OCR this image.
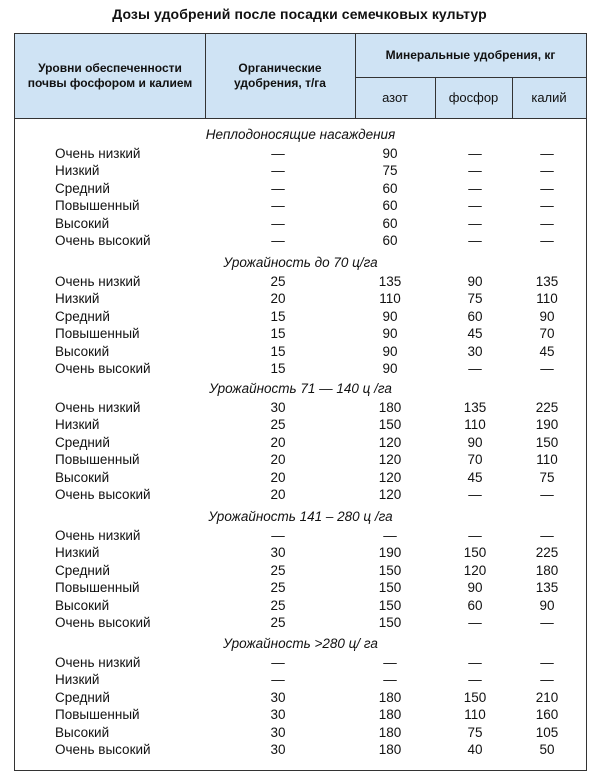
Дозы удобрений после посадки семечковых культур
Уровни обеспеченности почвы фосфором и калием
Органические удобрения, т/га
Минеральные удобрения, кг
азот	фосфор	калий
Неплодоносящие насаждения
Очень низкий	—	90	—	—
Низкий	—	75	—	—
Средний	—	60	—	—
Повышенный	—	60	—	—
Высокий	—	60	—	—
Очень высокий	—	60	—	—
Урожайность до 70 ц/га
Очень низкий	25	135	90	135
Низкий	20	110	75	110
Средний	15	90	60	90
Повышенный	15	90	45	70
Высокий	15	90	30	45
Очень высокий	15	90	—	—
Урожайность 71 — 140 ц /га
Очень низкий	30	180	135	225
Низкий	25	150	110	190
Средний	20	120	90	150
Повышенный	20	120	70	110
Высокий	20	120	45	75
Очень высокий	20	120	—	—
Урожайность 141 – 280 ц /га
Очень низкий	—	—	—	—
Низкий	30	190	150	225
Средний	25	150	120	180
Повышенный	25	150	90	135
Высокий	25	150	60	90
Очень высокий	25	150	—	—
Урожайность >280 ц/ га
Очень низкий	—	—	—	—
Низкий	—	—	—	—
Средний	30	180	150	210
Повышенный	30	180	110	160
Высокий	30	180	75	105
Очень высокий	30	180	40	50
